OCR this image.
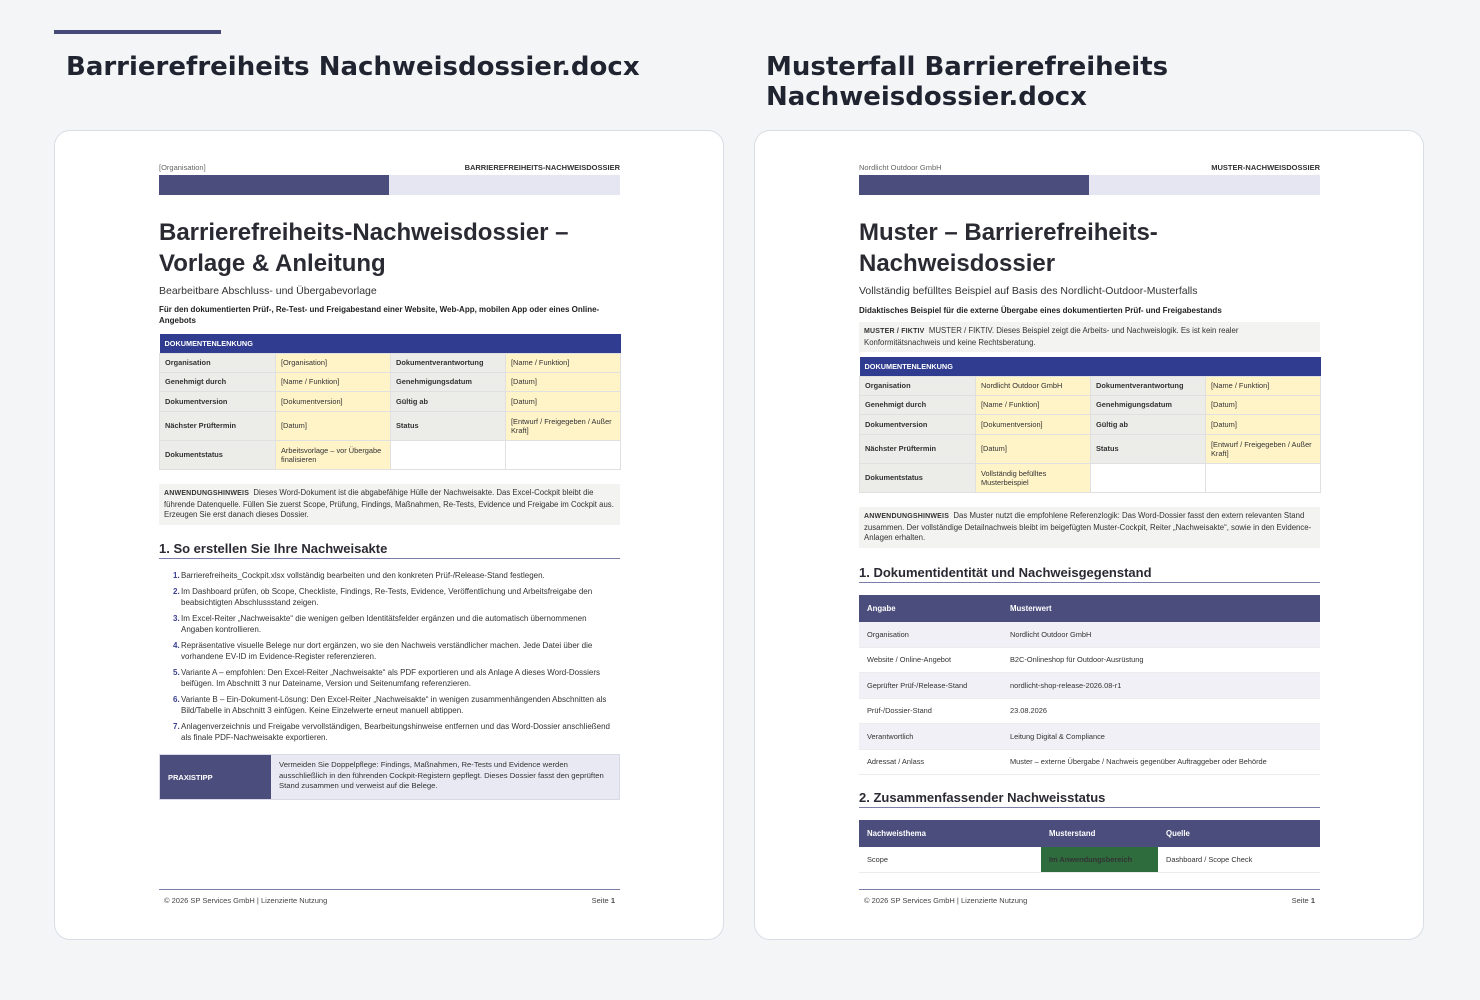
Barrierefreiheits Nachweisdossier.docx	Musterfall Barrierefreiheits
Nachweisdossier.docx
[Organisation]	BARRIEREFREIHEITS-NACHWEISDOSSIER
Barrierefreiheits-Nachweisdossier –
Vorlage & Anleitung
Bearbeitbare Abschluss- und Übergabevorlage
Für den dokumentierten Prüf-, Re-Test- und Freigabestand einer Website, Web-App, mobilen App oder eines Online-Angebots
DOKUMENTENLENKUNG			
Organisation	[Organisation]	Dokumentverantwortung	[Name / Funktion]
Genehmigt durch	[Name / Funktion]	Genehmigungsdatum	[Datum]
Dokumentversion	[Dokumentversion]	Gültig ab	[Datum]
Nächster Prüftermin	[Datum]	Status	[Entwurf / Freigegeben / Außer Kraft]
Dokumentstatus	Arbeitsvorlage – vor Übergabe finalisieren		
ANWENDUNGSHINWEIS Dieses Word-Dokument ist die abgabefähige Hülle der Nachweisakte. Das Excel-Cockpit bleibt die führende Datenquelle. Füllen Sie zuerst Scope, Prüfung, Findings, Maßnahmen, Re-Tests, Evidence und Freigabe im Cockpit aus. Erzeugen Sie erst danach dieses Dossier.
1. So erstellen Sie Ihre Nachweisakte
1. Barrierefreiheits_Cockpit.xlsx vollständig bearbeiten und den konkreten Prüf-/Release-Stand festlegen.
2. Im Dashboard prüfen, ob Scope, Checkliste, Findings, Re-Tests, Evidence, Veröffentlichung und Arbeitsfreigabe den beabsichtigten Abschlussstand zeigen.
3. Im Excel-Reiter „Nachweisakte“ die wenigen gelben Identitätsfelder ergänzen und die automatisch übernommenen Angaben kontrollieren.
4. Repräsentative visuelle Belege nur dort ergänzen, wo sie den Nachweis verständlicher machen. Jede Datei über die vorhandene EV-ID im Evidence-Register referenzieren.
5. Variante A – empfohlen: Den Excel-Reiter „Nachweisakte“ als PDF exportieren und als Anlage A dieses Word-Dossiers beifügen. Im Abschnitt 3 nur Dateiname, Version und Seitenumfang referenzieren.
6. Variante B – Ein-Dokument-Lösung: Den Excel-Reiter „Nachweisakte“ in wenigen zusammenhängenden Abschnitten als Bild/Tabelle in Abschnitt 3 einfügen. Keine Einzelwerte erneut manuell abtippen.
7. Anlagenverzeichnis und Freigabe vervollständigen, Bearbeitungshinweise entfernen und das Word-Dossier anschließend als finale PDF-Nachweisakte exportieren.
PRAXISTIPP
Vermeiden Sie Doppelpflege: Findings, Maßnahmen, Re-Tests und Evidence werden ausschließlich in den führenden Cockpit-Registern gepflegt. Dieses Dossier fasst den geprüften Stand zusammen und verweist auf die Belege.
© 2026 SP Services GmbH | Lizenzierte Nutzung	Seite 1
Nordlicht Outdoor GmbH	MUSTER-NACHWEISDOSSIER
Muster – Barrierefreiheits-
Nachweisdossier
Vollständig befülltes Beispiel auf Basis des Nordlicht-Outdoor-Musterfalls
Didaktisches Beispiel für die externe Übergabe eines dokumentierten Prüf- und Freigabestands
MUSTER / FIKTIV MUSTER / FIKTIV. Dieses Beispiel zeigt die Arbeits- und Nachweislogik. Es ist kein realer Konformitätsnachweis und keine Rechtsberatung.
DOKUMENTENLENKUNG			
Organisation	Nordlicht Outdoor GmbH	Dokumentverantwortung	[Name / Funktion]
Genehmigt durch	[Name / Funktion]	Genehmigungsdatum	[Datum]
Dokumentversion	[Dokumentversion]	Gültig ab	[Datum]
Nächster Prüftermin	[Datum]	Status	[Entwurf / Freigegeben / Außer Kraft]
Dokumentstatus	Vollständig befülltes Musterbeispiel		
ANWENDUNGSHINWEIS Das Muster nutzt die empfohlene Referenzlogik: Das Word-Dossier fasst den extern relevanten Stand zusammen. Der vollständige Detailnachweis bleibt im beigefügten Muster-Cockpit, Reiter „Nachweisakte“, sowie in den Evidence-Anlagen erhalten.
1. Dokumentidentität und Nachweisgegenstand
Angabe	Musterwert
Organisation	Nordlicht Outdoor GmbH
Website / Online-Angebot	B2C-Onlineshop für Outdoor-Ausrüstung
Geprüfter Prüf-/Release-Stand	nordlicht-shop-release-2026.08-r1
Prüf-/Dossier-Stand	23.08.2026
Verantwortlich	Leitung Digital & Compliance
Adressat / Anlass	Muster – externe Übergabe / Nachweis gegenüber Auftraggeber oder Behörde
2. Zusammenfassender Nachweisstatus
Nachweisthema	Musterstand	Quelle
Scope	Im Anwendungsbereich	Dashboard / Scope Check
© 2026 SP Services GmbH | Lizenzierte Nutzung	Seite 1
